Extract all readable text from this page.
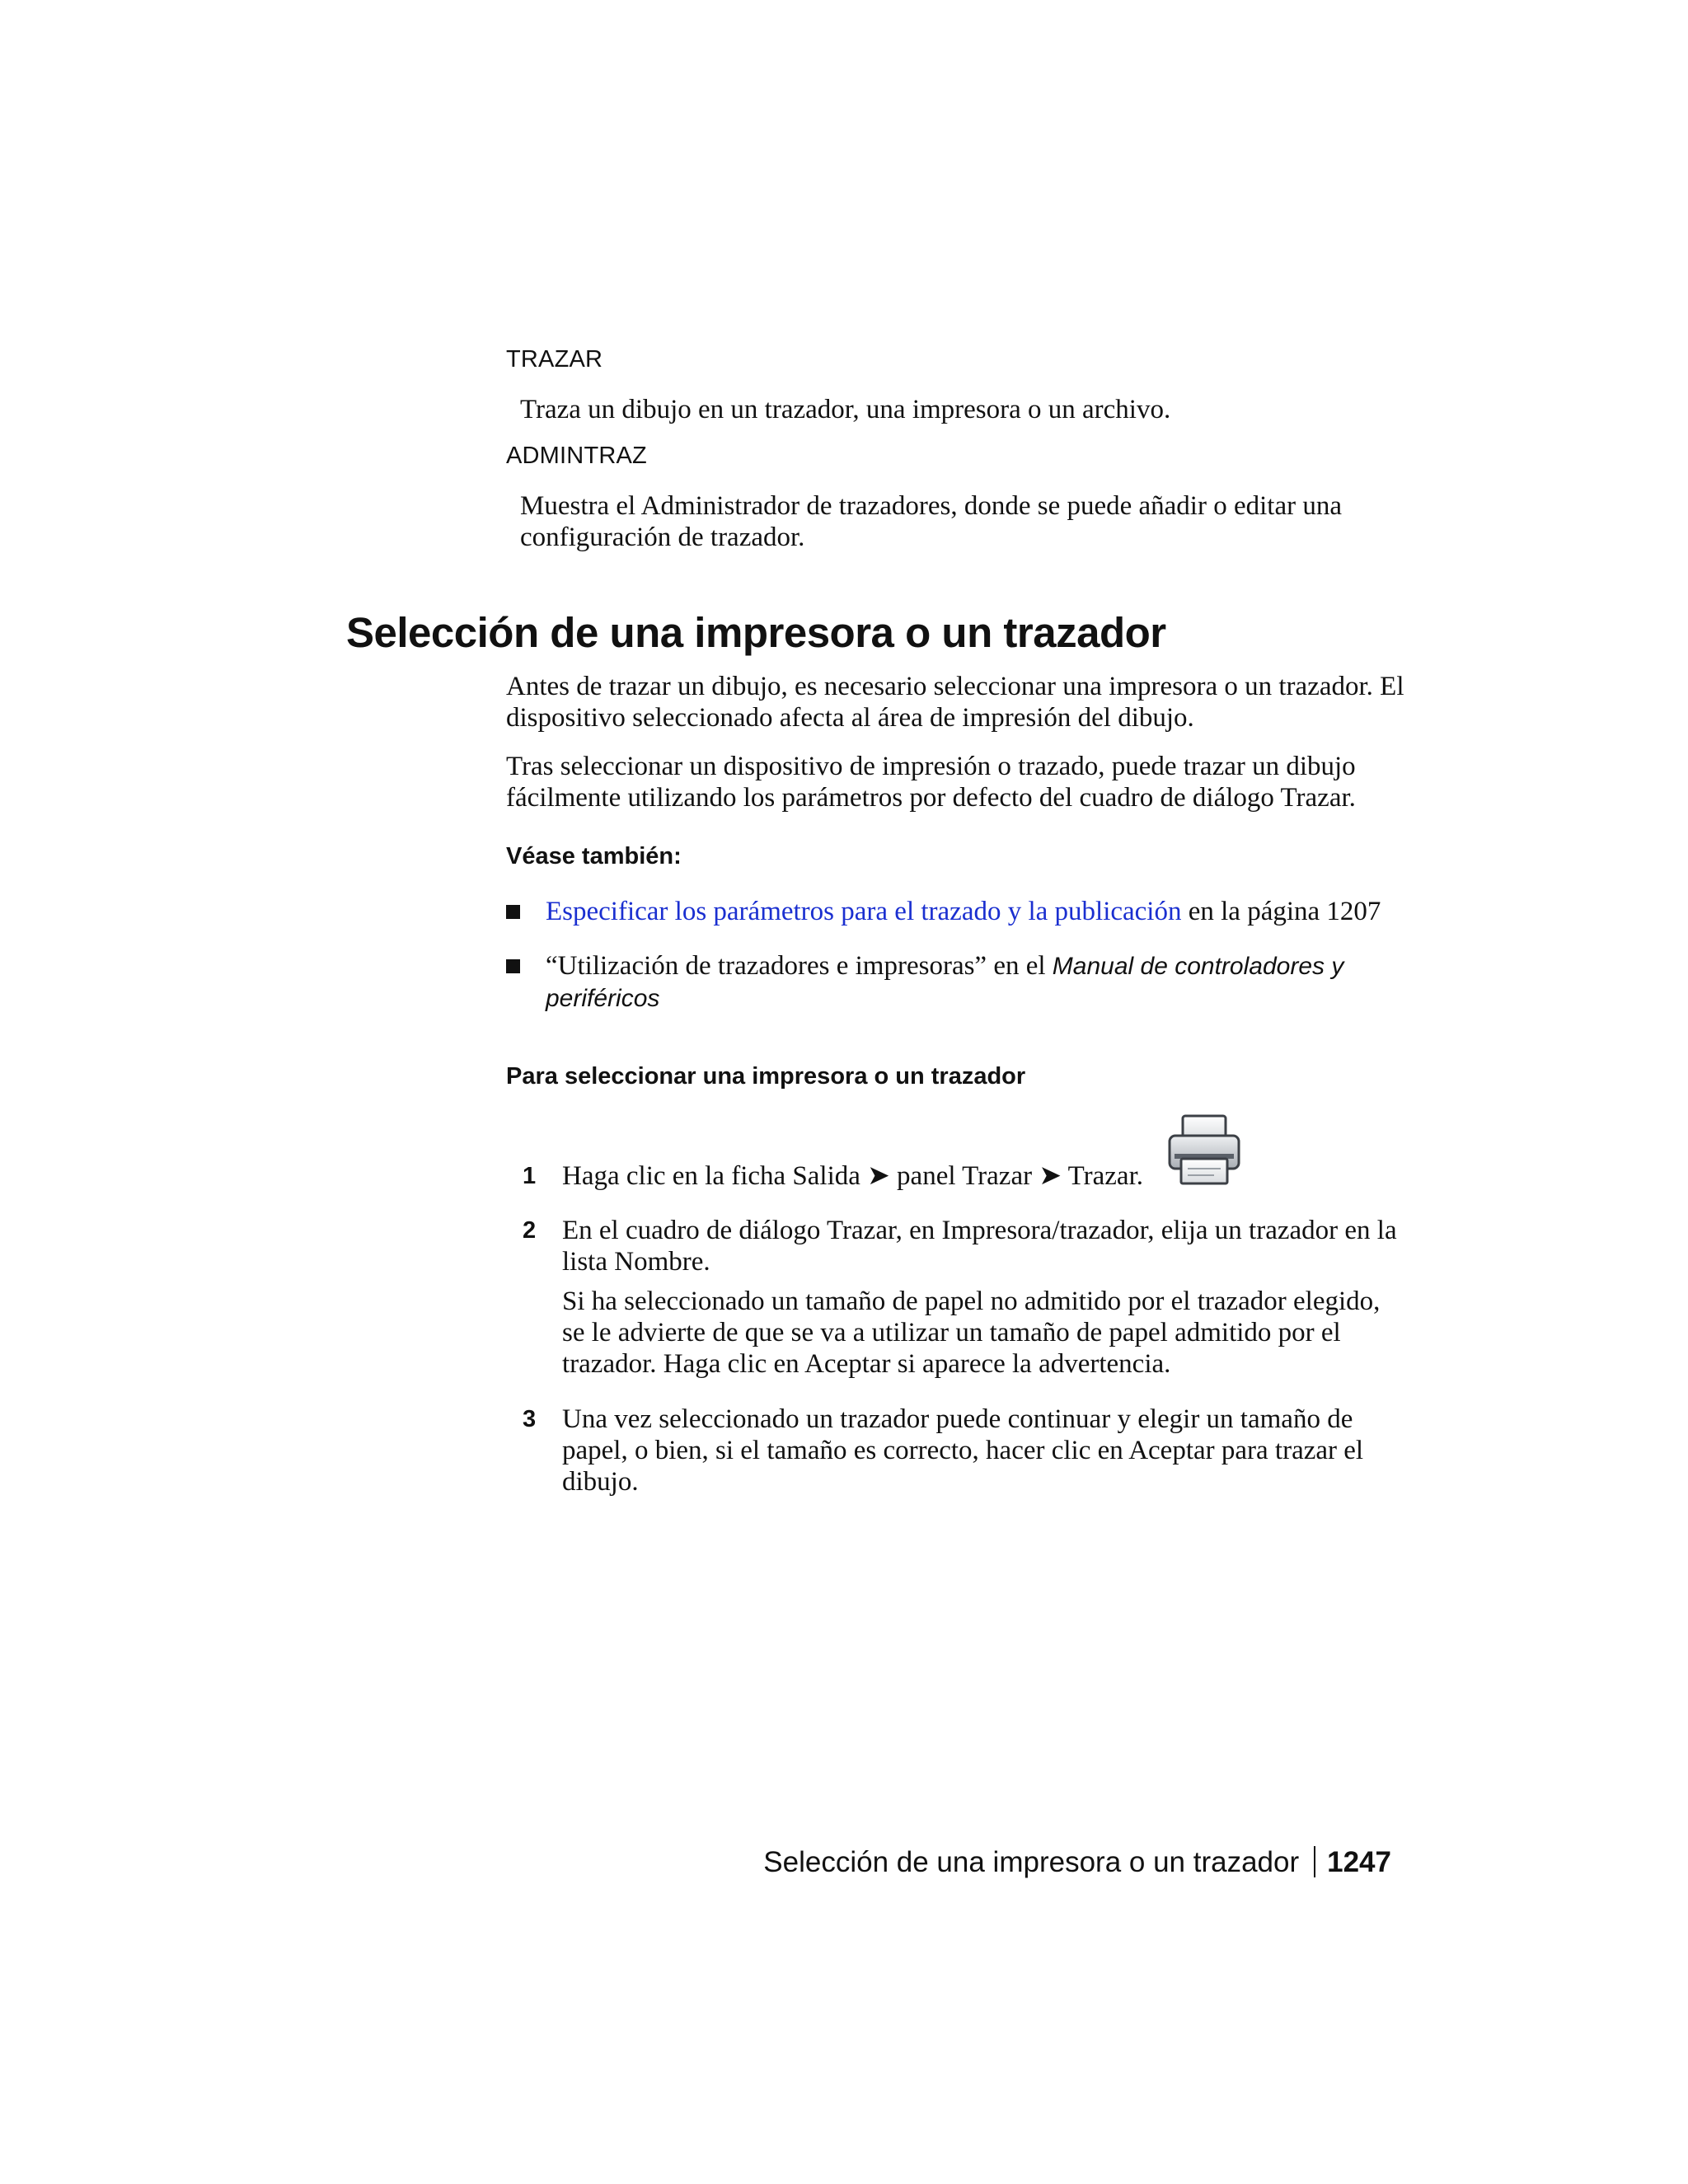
TRAZAR
Traza un dibujo en un trazador, una impresora o un archivo.
ADMINTRAZ
Muestra el Administrador de trazadores, donde se puede añadir o editar una configuración de trazador.
Selección de una impresora o un trazador
Antes de trazar un dibujo, es necesario seleccionar una impresora o un trazador. El dispositivo seleccionado afecta al área de impresión del dibujo.
Tras seleccionar un dispositivo de impresión o trazado, puede trazar un dibujo fácilmente utilizando los parámetros por defecto del cuadro de diálogo Trazar.
Véase también:
Especificar los parámetros para el trazado y la publicación en la página 1207
“Utilización de trazadores e impresoras” en el Manual de controladores y periféricos
Para seleccionar una impresora o un trazador
1 Haga clic en la ficha Salida ➤ panel Trazar ➤ Trazar.

2 En el cuadro de diálogo Trazar, en Impresora/trazador, elija un trazador en la lista Nombre.

Si ha seleccionado un tamaño de papel no admitido por el trazador elegido, se le advierte de que se va a utilizar un tamaño de papel admitido por el trazador. Haga clic en Aceptar si aparece la advertencia.

3 Una vez seleccionado un trazador puede continuar y elegir un tamaño de papel, o bien, si el tamaño es correcto, hacer clic en Aceptar para trazar el dibujo.

Selección de una impresora o un trazador 1247
